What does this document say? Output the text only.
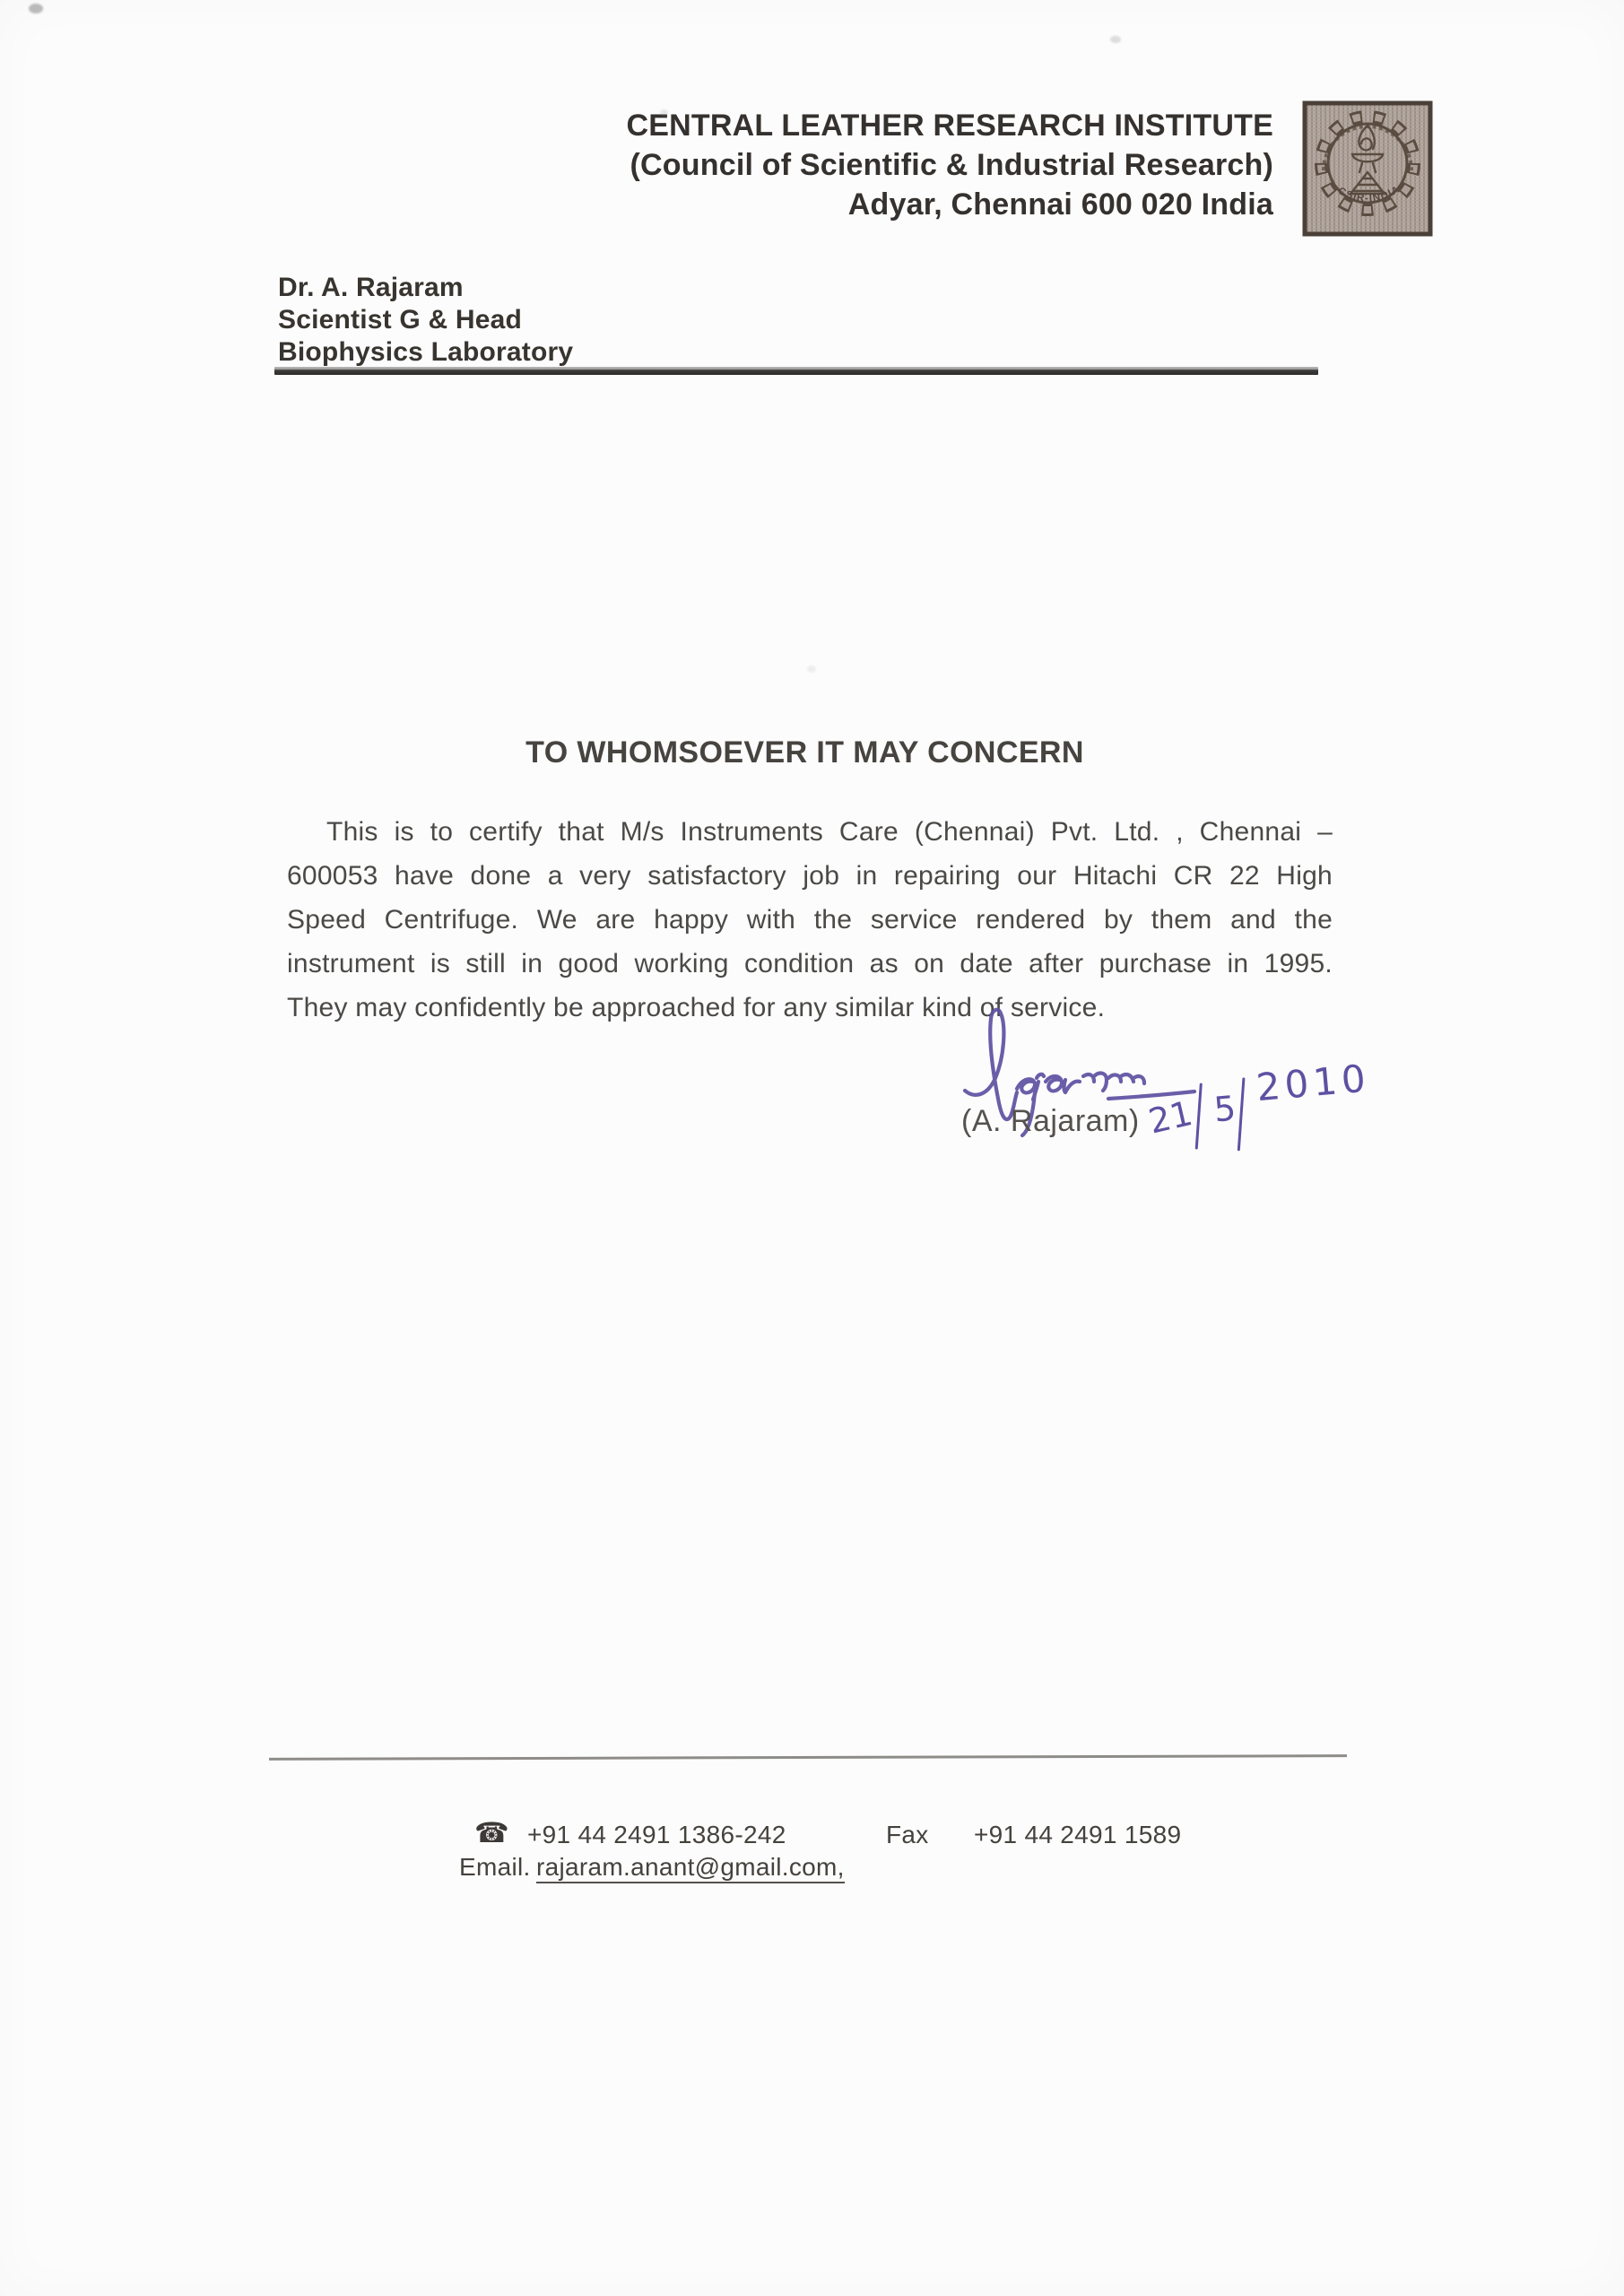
CENTRAL LEATHER RESEARCH INSTITUTE
(Council of Scientific & Industrial Research)
Adyar, Chennai 600 020 India	CSIR-INDIA
Dr. A. Rajaram
Scientist G & Head
Biophysics Laboratory
TO WHOMSOEVER IT MAY CONCERN
This is to certify that M/s Instruments Care (Chennai) Pvt. Ltd. , Chennai –
600053 have done a very satisfactory job in repairing our Hitachi CR 22 High
Speed Centrifuge. We are happy with the service rendered by them and the
instrument is still in good working condition as on date after purchase in 1995.
They may confidently be approached for any similar kind of service.
(A. Rajaram) 21 5 2010
☎ +91 44 2491 1386-242	Fax +91 44 2491 1589
Email. rajaram.anant@gmail.com,
